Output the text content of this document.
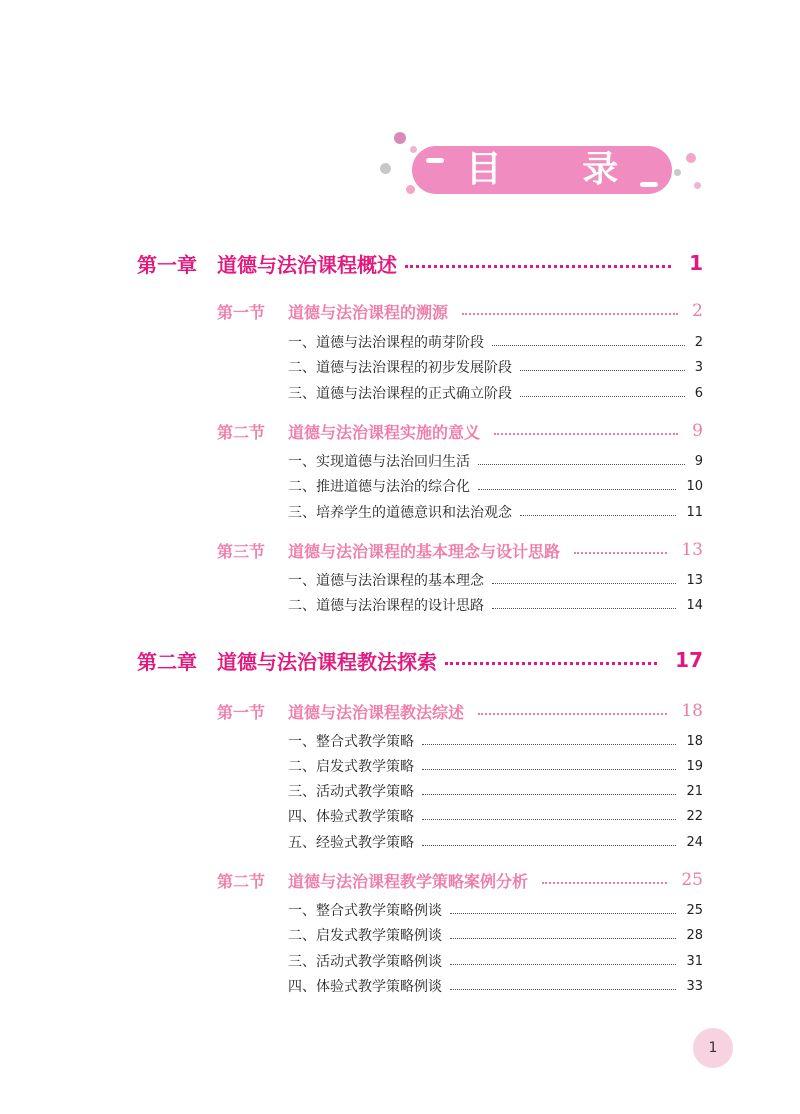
目 录
第一章	道德与法治课程概述	1
第一节	道德与法治课程的溯源	2
一、道德与法治课程的萌芽阶段	2
二、道德与法治课程的初步发展阶段	3
三、道德与法治课程的正式确立阶段	6
第二节	道德与法治课程实施的意义	9
一、实现道德与法治回归生活	9
二、推进道德与法治的综合化	10
三、培养学生的道德意识和法治观念	11
第三节	道德与法治课程的基本理念与设计思路	13
一、道德与法治课程的基本理念	13
二、道德与法治课程的设计思路	14
第二章	道德与法治课程教法探索	17
第一节	道德与法治课程教法综述	18
一、整合式教学策略	18
二、启发式教学策略	19
三、活动式教学策略	21
四、体验式教学策略	22
五、经验式教学策略	24
第二节	道德与法治课程教学策略案例分析	25
一、整合式教学策略例谈	25
二、启发式教学策略例谈	28
三、活动式教学策略例谈	31
四、体验式教学策略例谈	33
1
